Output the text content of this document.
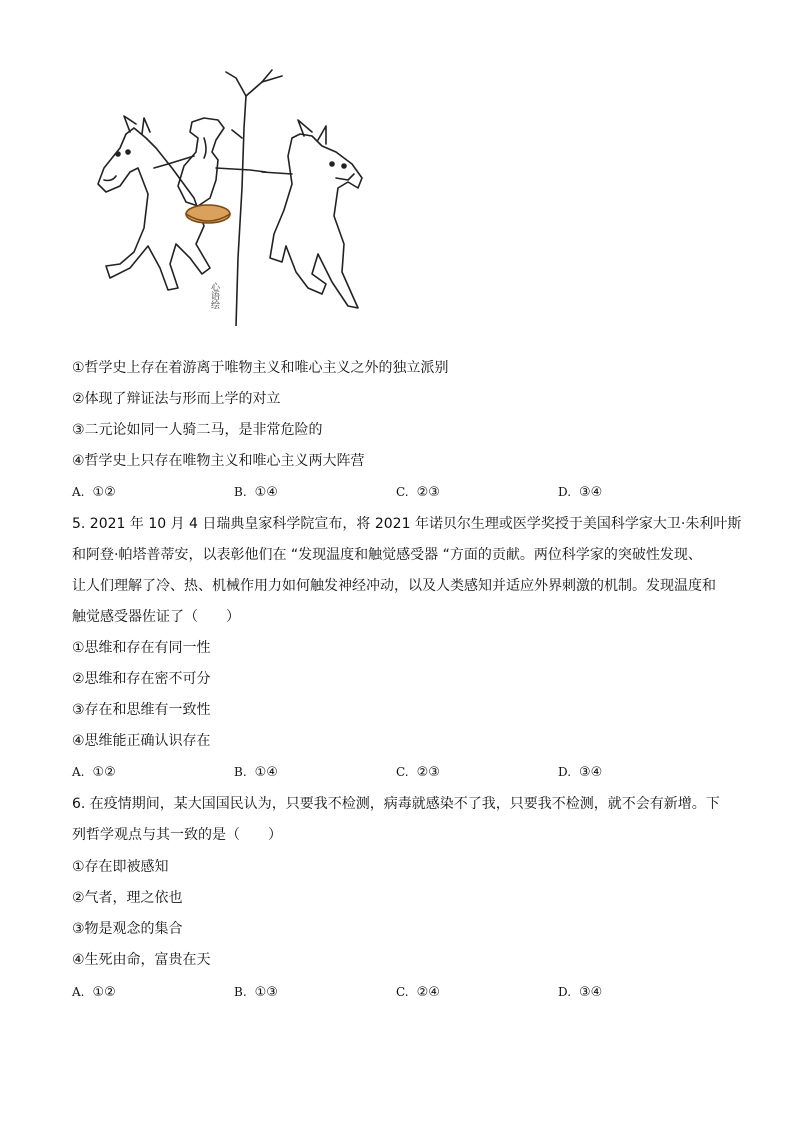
心语绘
①哲学史上存在着游离于唯物主义和唯心主义之外的独立派别
②体现了辩证法与形而上学的对立
③二元论如同一人骑二马，是非常危险的
④哲学史上只存在唯物主义和唯心主义两大阵营
A. ①②	B. ①④	C. ②③	D. ③④
5. 2021 年 10 月 4 日瑞典皇家科学院宣布，将 2021 年诺贝尔生理或医学奖授于美国科学家大卫·朱利叶斯
和阿登·帕塔普蒂安，以表彰他们在 “发现温度和触觉感受器 “方面的贡献。两位科学家的突破性发现、
让人们理解了冷、热、机械作用力如何触发神经冲动，以及人类感知并适应外界刺激的机制。发现温度和
触觉感受器佐证了（　　）
①思维和存在有同一性
②思维和存在密不可分
③存在和思维有一致性
④思维能正确认识存在
A. ①②	B. ①④	C. ②③	D. ③④
6. 在疫情期间，某大国国民认为，只要我不检测，病毒就感染不了我，只要我不检测，就不会有新增。下
列哲学观点与其一致的是（　　）
①存在即被感知
②气者，理之依也
③物是观念的集合
④生死由命，富贵在天
A. ①②	B. ①③	C. ②④	D. ③④
